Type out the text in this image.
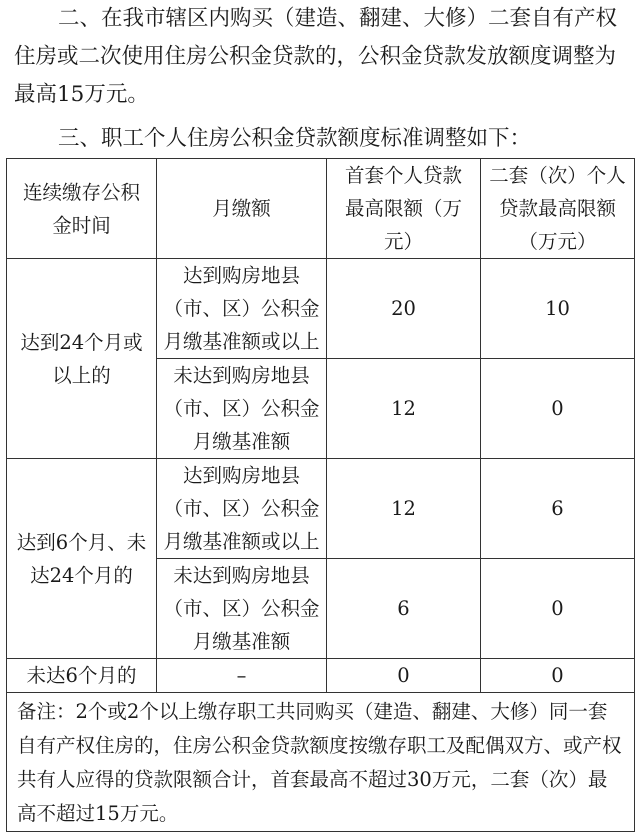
二、在我市辖区内购买（建造、翻建、大修）二套自有产权
住房或二次使用住房公积金贷款的，公积金贷款发放额度调整为
最高15万元。
三、职工个人住房公积金贷款额度标准调整如下：
连续缴存公积金时间	月缴额	首套个人贷款最高限额（万元）	二套（次）个人贷款最高限额（万元）
达到24个月或以上的	达到购房地县（市、区）公积金月缴基准额或以上	20	10
	未达到购房地县（市、区）公积金月缴基准额	12	0
达到6个月、未达24个月的	达到购房地县（市、区）公积金月缴基准额或以上	12	6
	未达到购房地县（市、区）公积金月缴基准额	6	0
未达6个月的	–	0	0
备注：2个或2个以上缴存职工共同购买（建造、翻建、大修）同一套自有产权住房的，住房公积金贷款额度按缴存职工及配偶双方、或产权共有人应得的贷款限额合计，首套最高不超过30万元，二套（次）最高不超过15万元。			
